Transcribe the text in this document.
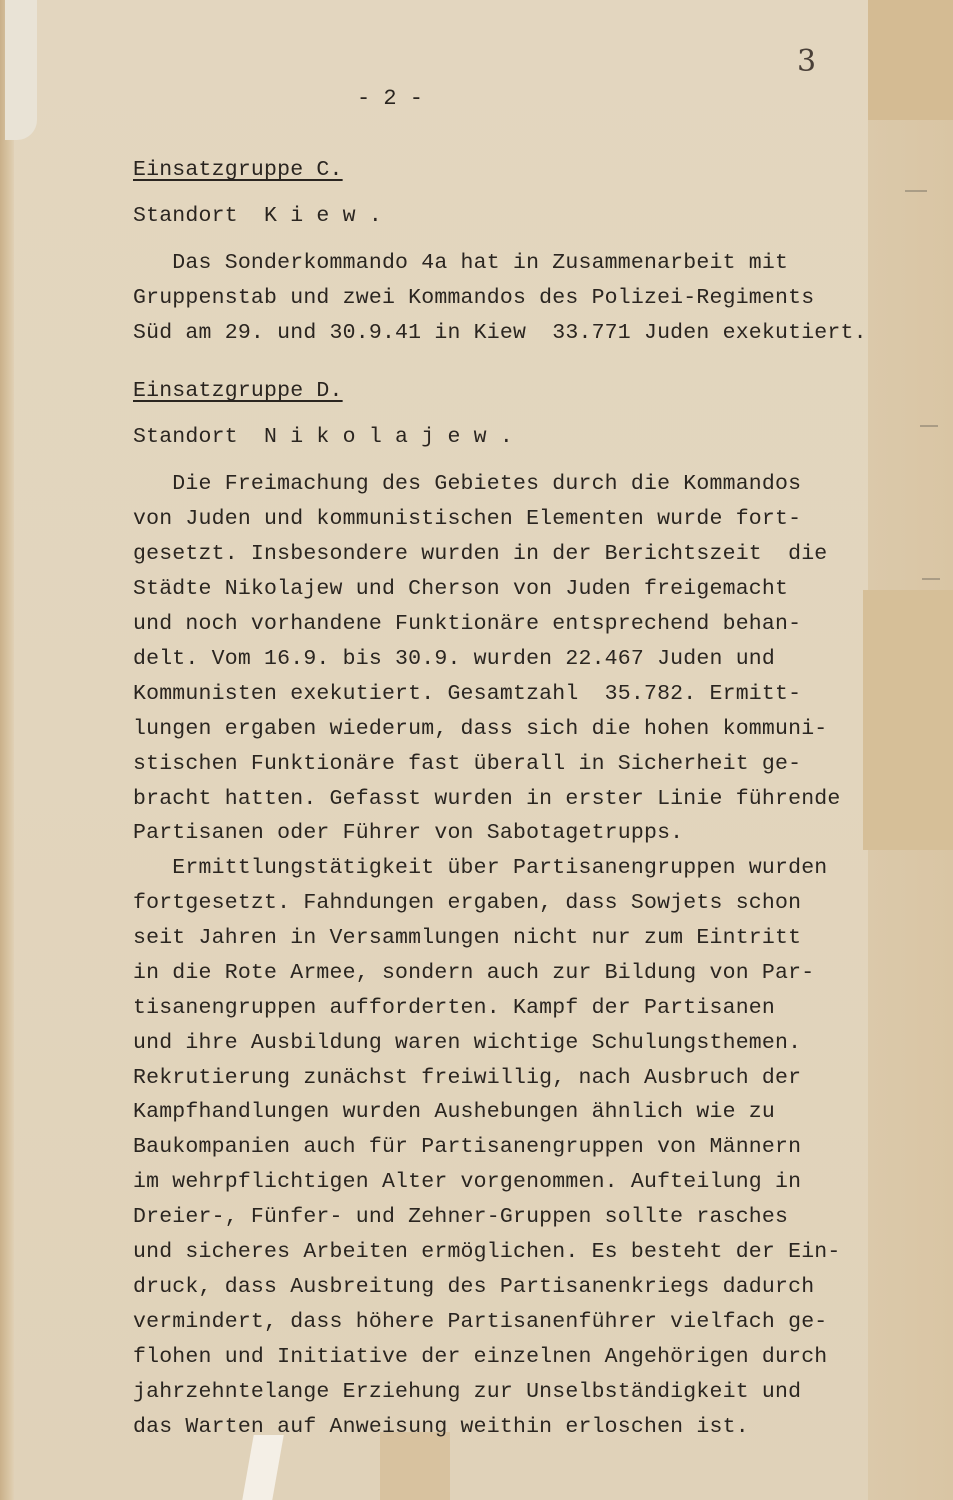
3
- 2 -

Einsatzgruppe C.

Standort  K i e w .

Das Sonderkommando 4a hat in Zusammenarbeit mit

Gruppenstab und zwei Kommandos des Polizei-Regiments

Süd am 29. und 30.9.41 in Kiew  33.771 Juden exekutiert.

Einsatzgruppe D.

Standort  N i k o l a j e w .

Die Freimachung des Gebietes durch die Kommandos

von Juden und kommunistischen Elementen wurde fort-

gesetzt. Insbesondere wurden in der Berichtszeit  die

Städte Nikolajew und Cherson von Juden freigemacht

und noch vorhandene Funktionäre entsprechend behan-

delt. Vom 16.9. bis 30.9. wurden 22.467 Juden und

Kommunisten exekutiert. Gesamtzahl  35.782. Ermitt-

lungen ergaben wiederum, dass sich die hohen kommuni-

stischen Funktionäre fast überall in Sicherheit ge-

bracht hatten. Gefasst wurden in erster Linie führende

Partisanen oder Führer von Sabotagetrupps.

Ermittlungstätigkeit über Partisanengruppen wurden

fortgesetzt. Fahndungen ergaben, dass Sowjets schon

seit Jahren in Versammlungen nicht nur zum Eintritt

in die Rote Armee, sondern auch zur Bildung von Par-

tisanengruppen aufforderten. Kampf der Partisanen

und ihre Ausbildung waren wichtige Schulungsthemen.

Rekrutierung zunächst freiwillig, nach Ausbruch der

Kampfhandlungen wurden Aushebungen ähnlich wie zu

Baukompanien auch für Partisanengruppen von Männern

im wehrpflichtigen Alter vorgenommen. Aufteilung in

Dreier-, Fünfer- und Zehner-Gruppen sollte rasches

und sicheres Arbeiten ermöglichen. Es besteht der Ein-

druck, dass Ausbreitung des Partisanenkriegs dadurch

vermindert, dass höhere Partisanenführer vielfach ge-

flohen und Initiative der einzelnen Angehörigen durch

jahrzehntelange Erziehung zur Unselbständigkeit und

das Warten auf Anweisung weithin erloschen ist.
